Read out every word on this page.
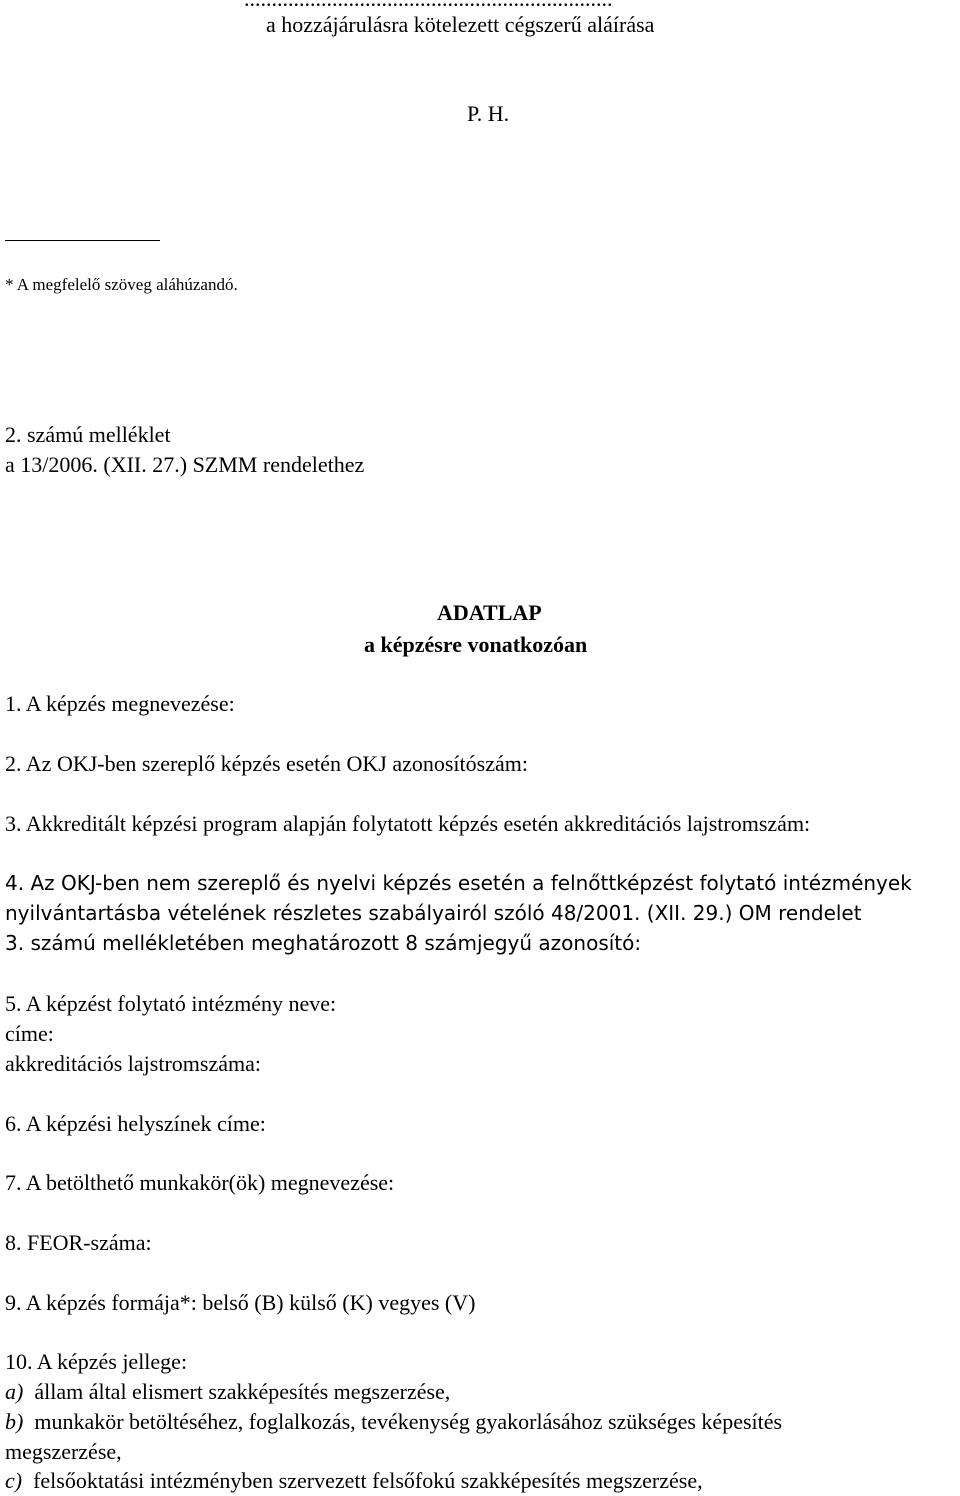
a hozzájárulásra kötelezett cégszerű aláírása
P. H.
* A megfelelő szöveg aláhúzandó.
2. számú melléklet
a 13/2006. (XII. 27.) SZMM rendelethez
ADATLAP
a képzésre vonatkozóan
1. A képzés megnevezése:
2. Az OKJ-ben szereplő képzés esetén OKJ azonosítószám:
3. Akkreditált képzési program alapján folytatott képzés esetén akkreditációs lajstromszám:
4. Az OKJ-ben nem szereplő és nyelvi képzés esetén a felnőttképzést folytató intézmények
nyilvántartásba vételének részletes szabályairól szóló 48/2001. (XII. 29.) OM rendelet
3. számú mellékletében meghatározott 8 számjegyű azonosító:
5. A képzést folytató intézmény neve:
címe:
akkreditációs lajstromszáma:
6. A képzési helyszínek címe:
7. A betölthető munkakör(ök) megnevezése:
8. FEOR-száma:
9. A képzés formája*: belső (B) külső (K) vegyes (V)
10. A képzés jellege:
a) állam által elismert szakképesítés megszerzése,
b) munkakör betöltéséhez, foglalkozás, tevékenység gyakorlásához szükséges képesítés
megszerzése,
c) felsőoktatási intézményben szervezett felsőfokú szakképesítés megszerzése,
